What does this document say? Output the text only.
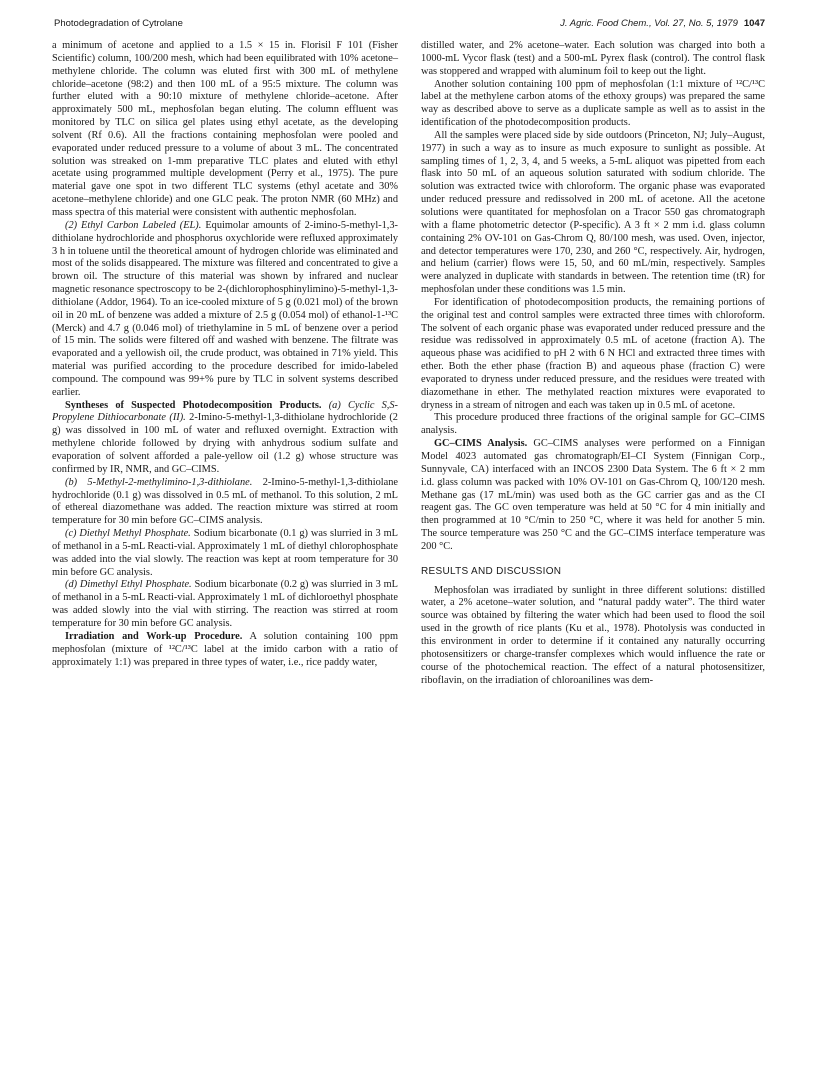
Photodegradation of Cytrolane	J. Agric. Food Chem., Vol. 27, No. 5, 1979 1047

a minimum of acetone and applied to a 1.5 × 15 in. Florisil F 101 (Fisher Scientific) column, 100/200 mesh, which had been equilibrated with 10% acetone–methylene chloride. The column was eluted first with 300 mL of methylene chloride–acetone (98:2) and then 100 mL of a 95:5 mixture. The column was further eluted with a 90:10 mixture of methylene chloride–acetone. After approximately 500 mL, mephosfolan began eluting. The column effluent was monitored by TLC on silica gel plates using ethyl acetate, as the developing solvent (Rf 0.6). All the fractions containing mephosfolan were pooled and evaporated under reduced pressure to a volume of about 3 mL. The concentrated solution was streaked on 1-mm preparative TLC plates and eluted with ethyl acetate using programmed multiple development (Perry et al., 1975). The pure material gave one spot in two different TLC systems (ethyl acetate and 30% acetone–methylene chloride) and one GLC peak. The proton NMR (60 MHz) and mass spectra of this material were consistent with authentic mephosfolan.

(2) Ethyl Carbon Labeled (EL). Equimolar amounts of 2-imino-5-methyl-1,3-dithiolane hydrochloride and phosphorus oxychloride were refluxed approximately 3 h in toluene until the theoretical amount of hydrogen chloride was eliminated and most of the solids disappeared. The mixture was filtered and concentrated to give a brown oil. The structure of this material was shown by infrared and nuclear magnetic resonance spectroscopy to be 2-(dichlorophosphinylimino)-5-methyl-1,3-dithiolane (Addor, 1964). To an ice-cooled mixture of 5 g (0.021 mol) of the brown oil in 20 mL of benzene was added a mixture of 2.5 g (0.054 mol) of ethanol-1-¹³C (Merck) and 4.7 g (0.046 mol) of triethylamine in 5 mL of benzene over a period of 15 min. The solids were filtered off and washed with benzene. The filtrate was evaporated and a yellowish oil, the crude product, was obtained in 71% yield. This material was purified according to the procedure described for imido-labeled compound. The compound was 99+% pure by TLC in solvent systems described earlier.

Syntheses of Suspected Photodecomposition Products. (a) Cyclic S,S-Propylene Dithiocarbonate (II). 2-Imino-5-methyl-1,3-dithiolane hydrochloride (2 g) was dissolved in 100 mL of water and refluxed overnight. Extraction with methylene chloride followed by drying with anhydrous sodium sulfate and evaporation of solvent afforded a pale-yellow oil (1.2 g) whose structure was confirmed by IR, NMR, and GC–CIMS.

(b) 5-Methyl-2-methylimino-1,3-dithiolane. 2-Imino-5-methyl-1,3-dithiolane hydrochloride (0.1 g) was dissolved in 0.5 mL of methanol. To this solution, 2 mL of ethereal diazomethane was added. The reaction mixture was stirred at room temperature for 30 min before GC–CIMS analysis.

(c) Diethyl Methyl Phosphate. Sodium bicarbonate (0.1 g) was slurried in 3 mL of methanol in a 5-mL Reacti-vial. Approximately 1 mL of diethyl chlorophosphate was added into the vial slowly. The reaction was kept at room temperature for 30 min before GC analysis.

(d) Dimethyl Ethyl Phosphate. Sodium bicarbonate (0.2 g) was slurried in 3 mL of methanol in a 5-mL Reacti-vial. Approximately 1 mL of dichloroethyl phosphate was added slowly into the vial with stirring. The reaction was stirred at room temperature for 30 min before GC analysis.

Irradiation and Work-up Procedure. A solution containing 100 ppm mephosfolan (mixture of ¹²C/¹³C label at the imido carbon with a ratio of approximately 1:1) was prepared in three types of water, i.e., rice paddy water,

distilled water, and 2% acetone–water. Each solution was charged into both a 1000-mL Vycor flask (test) and a 500-mL Pyrex flask (control). The control flask was stoppered and wrapped with aluminum foil to keep out the light.

Another solution containing 100 ppm of mephosfolan (1:1 mixture of ¹²C/¹³C label at the methylene carbon atoms of the ethoxy groups) was prepared the same way as described above to serve as a duplicate sample as well as to assist in the identification of the photodecomposition products.

All the samples were placed side by side outdoors (Princeton, NJ; July–August, 1977) in such a way as to insure as much exposure to sunlight as possible. At sampling times of 1, 2, 3, 4, and 5 weeks, a 5-mL aliquot was pipetted from each flask into 50 mL of an aqueous solution saturated with sodium chloride. The solution was extracted twice with chloroform. The organic phase was evaporated under reduced pressure and redissolved in 200 mL of acetone. All the acetone solutions were quantitated for mephosfolan on a Tracor 550 gas chromatograph with a flame photometric detector (P-specific). A 3 ft × 2 mm i.d. glass column containing 2% OV-101 on Gas-Chrom Q, 80/100 mesh, was used. Oven, injector, and detector temperatures were 170, 230, and 260 °C, respectively. Air, hydrogen, and helium (carrier) flows were 15, 50, and 60 mL/min, respectively. Samples were analyzed in duplicate with standards in between. The retention time (tR) for mephosfolan under these conditions was 1.5 min.

For identification of photodecomposition products, the remaining portions of the original test and control samples were extracted three times with chloroform. The solvent of each organic phase was evaporated under reduced pressure and the residue was redissolved in approximately 0.5 mL of acetone (fraction A). The aqueous phase was acidified to pH 2 with 6 N HCl and extracted three times with ether. Both the ether phase (fraction B) and aqueous phase (fraction C) were evaporated to dryness under reduced pressure, and the residues were treated with diazomethane in ether. The methylated reaction mixtures were evaporated to dryness in a stream of nitrogen and each was taken up in 0.5 mL of acetone.

This procedure produced three fractions of the original sample for GC–CIMS analysis.

GC–CIMS Analysis. GC–CIMS analyses were performed on a Finnigan Model 4023 automated gas chromatograph/EI–CI System (Finnigan Corp., Sunnyvale, CA) interfaced with an INCOS 2300 Data System. The 6 ft × 2 mm i.d. glass column was packed with 10% OV-101 on Gas-Chrom Q, 100/120 mesh. Methane gas (17 mL/min) was used both as the GC carrier gas and as the CI reagent gas. The GC oven temperature was held at 50 °C for 4 min initially and then programmed at 10 °C/min to 250 °C, where it was held for another 5 min. The source temperature was 250 °C and the GC–CIMS interface temperature was 200 °C.

RESULTS AND DISCUSSION

Mephosfolan was irradiated by sunlight in three different solutions: distilled water, a 2% acetone–water solution, and “natural paddy water”. The third water source was obtained by filtering the water which had been used to flood the soil used in the growth of rice plants (Ku et al., 1978). Photolysis was conducted in this environment in order to determine if it contained any naturally occurring photosensitizers or charge-transfer complexes which would influence the rate or course of the photochemical reaction. The effect of a natural photosensitizer, riboflavin, on the irradiation of chloroanilines was dem-
